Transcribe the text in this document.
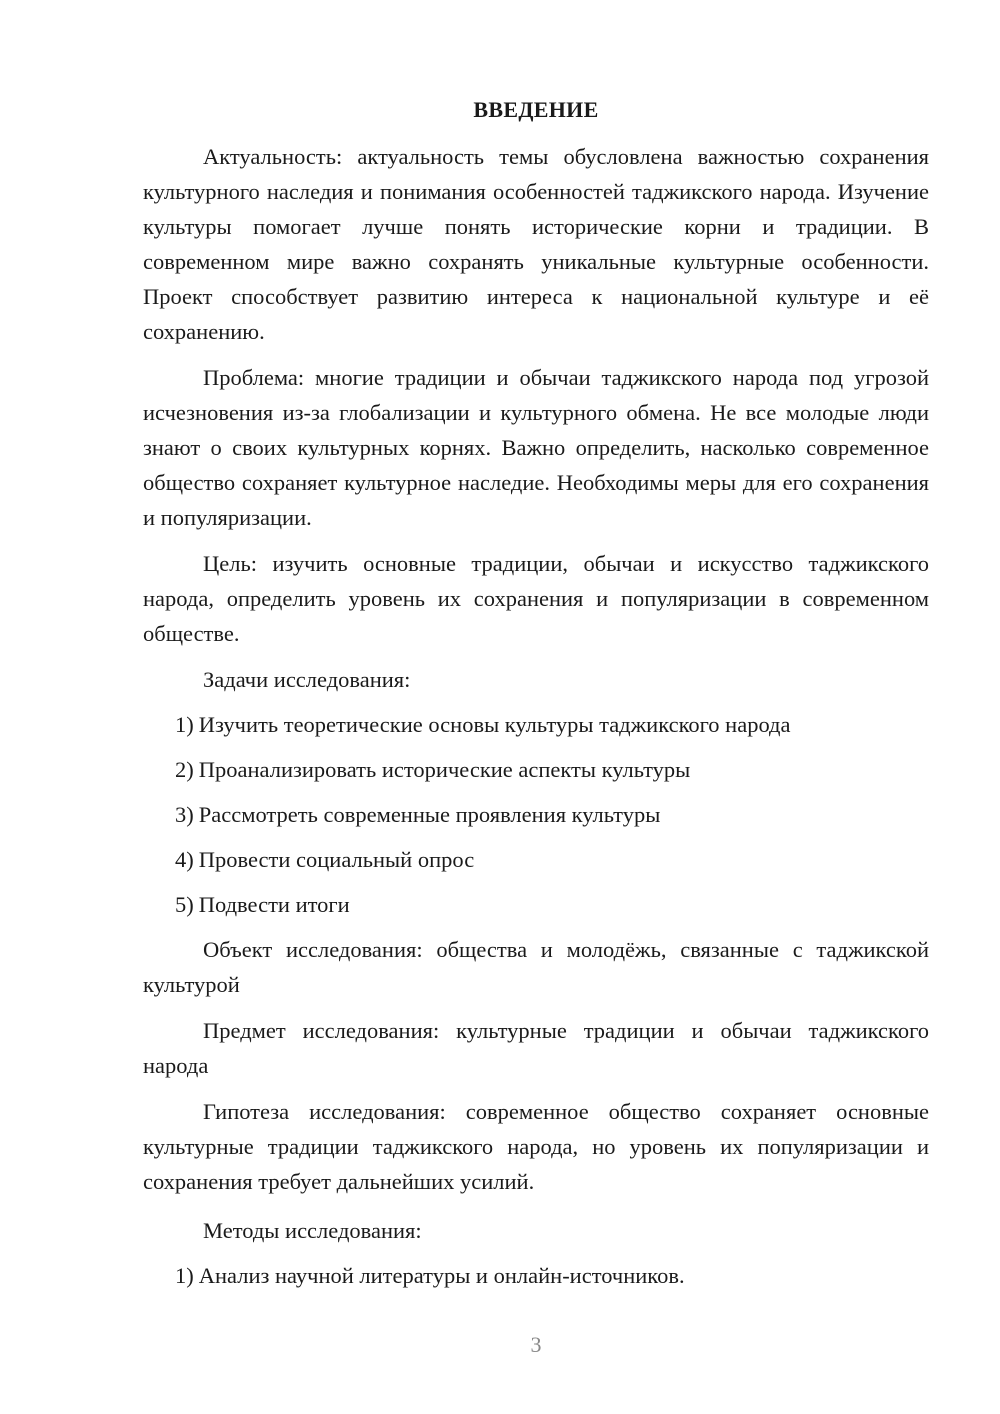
ВВЕДЕНИЕ

Актуальность: актуальность темы обусловлена важностью сохранения культурного наследия и понимания особенностей таджикского народа. Изучение культуры помогает лучше понять исторические корни и традиции. В современном мире важно сохранять уникальные культурные особенности. Проект способствует развитию интереса к национальной культуре и её сохранению.

Проблема: многие традиции и обычаи таджикского народа под угрозой исчезновения из-за глобализации и культурного обмена. Не все молодые люди знают о своих культурных корнях. Важно определить, насколько современное общество сохраняет культурное наследие. Необходимы меры для его сохранения и популяризации.

Цель: изучить основные традиции, обычаи и искусство таджикского народа, определить уровень их сохранения и популяризации в современном обществе.

Задачи исследования:
1) Изучить теоретические основы культуры таджикского народа
2) Проанализировать исторические аспекты культуры
3) Рассмотреть современные проявления культуры
4) Провести социальный опрос
5) Подвести итоги

Объект исследования: общества и молодёжь, связанные с таджикской культурой

Предмет исследования: культурные традиции и обычаи таджикского народа

Гипотеза исследования: современное общество сохраняет основные культурные традиции таджикского народа, но уровень их популяризации и сохранения требует дальнейших усилий.

Методы исследования:
1) Анализ научной литературы и онлайн-источников.
3
